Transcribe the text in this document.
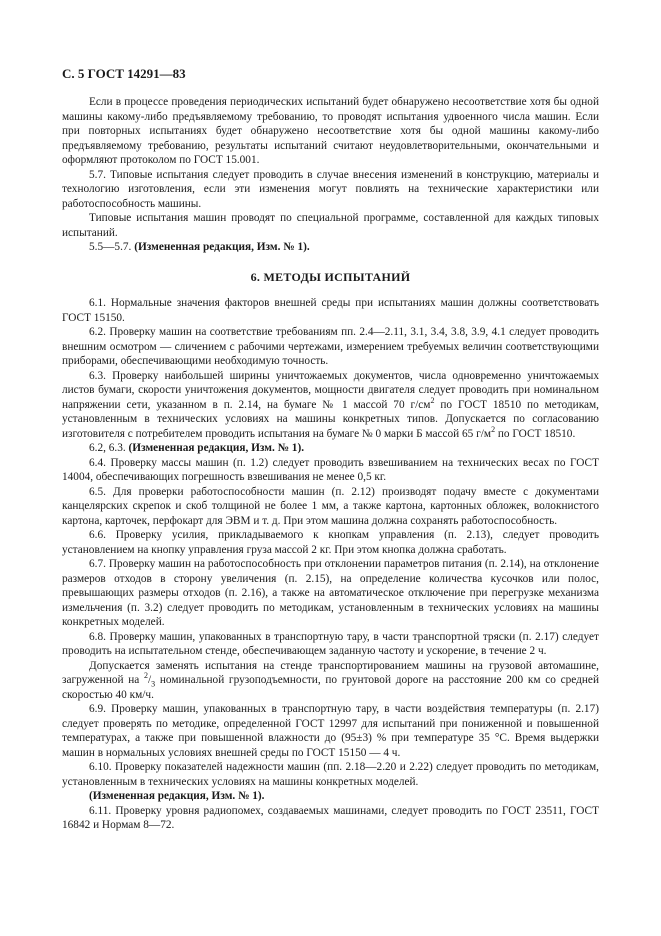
С. 5 ГОСТ 14291—83

Если в процессе проведения периодических испытаний будет обнаружено несоответствие хотя бы одной машины какому-либо предъявляемому требованию, то проводят испытания удвоенного числа машин. Если при повторных испытаниях будет обнаружено несоответствие хотя бы одной машины какому-либо предъявляемому требованию, результаты испытаний считают неудовлетворительными, окончательными и оформляют протоколом по ГОСТ 15.001.

5.7. Типовые испытания следует проводить в случае внесения изменений в конструкцию, материалы и технологию изготовления, если эти изменения могут повлиять на технические характеристики или работоспособность машины.

Типовые испытания машин проводят по специальной программе, составленной для каждых типовых испытаний.

5.5—5.7. (Измененная редакция, Изм. № 1).

6. МЕТОДЫ ИСПЫТАНИЙ

6.1. Нормальные значения факторов внешней среды при испытаниях машин должны соответствовать ГОСТ 15150.

6.2. Проверку машин на соответствие требованиям пп. 2.4—2.11, 3.1, 3.4, 3.8, 3.9, 4.1 следует проводить внешним осмотром — сличением с рабочими чертежами, измерением требуемых величин соответствующими приборами, обеспечивающими необходимую точность.

6.3. Проверку наибольшей ширины уничтожаемых документов, числа одновременно уничтожаемых листов бумаги, скорости уничтожения документов, мощности двигателя следует проводить при номинальном напряжении сети, указанном в п. 2.14, на бумаге № 1 массой 70 $г/см^2$ по ГОСТ 18510 по методикам, установленным в технических условиях на машины конкретных типов. Допускается по согласованию изготовителя с потребителем проводить испытания на бумаге № 0 марки Б массой 65 $г/м^2$ по ГОСТ 18510.

6.2, 6.3. (Измененная редакция, Изм. № 1).

6.4. Проверку массы машин (п. 1.2) следует проводить взвешиванием на технических весах по ГОСТ 14004, обеспечивающих погрешность взвешивания не менее 0,5 кг.

6.5. Для проверки работоспособности машин (п. 2.12) производят подачу вместе с документами канцелярских скрепок и скоб толщиной не более 1 мм, а также картона, картонных обложек, волокнистого картона, карточек, перфокарт для ЭВМ и т. д. При этом машина должна сохранять работоспособность.

6.6. Проверку усилия, прикладываемого к кнопкам управления (п. 2.13), следует проводить установлением на кнопку управления груза массой 2 кг. При этом кнопка должна сработать.

6.7. Проверку машин на работоспособность при отклонении параметров питания (п. 2.14), на отклонение размеров отходов в сторону увеличения (п. 2.15), на определение количества кусочков или полос, превышающих размеры отходов (п. 2.16), а также на автоматическое отключение при перегрузке механизма измельчения (п. 3.2) следует проводить по методикам, установленным в технических условиях на машины конкретных моделей.

6.8. Проверку машин, упакованных в транспортную тару, в части транспортной тряски (п. 2.17) следует проводить на испытательном стенде, обеспечивающем заданную частоту и ускорение, в течение 2 ч.

Допускается заменять испытания на стенде транспортированием машины на грузовой автомашине, загруженной на $^2/_3$ номинальной грузоподъемности, по грунтовой дороге на расстояние 200 км со средней скоростью 40 км/ч.

6.9. Проверку машин, упакованных в транспортную тару, в части воздействия температуры (п. 2.17) следует проверять по методике, определенной ГОСТ 12997 для испытаний при пониженной и повышенной температурах, а также при повышенной влажности до (95±3) % при температуре 35 °С. Время выдержки машин в нормальных условиях внешней среды по ГОСТ 15150 — 4 ч.

6.10. Проверку показателей надежности машин (пп. 2.18—2.20 и 2.22) следует проводить по методикам, установленным в технических условиях на машины конкретных моделей.

(Измененная редакция, Изм. № 1).

6.11. Проверку уровня радиопомех, создаваемых машинами, следует проводить по ГОСТ 23511, ГОСТ 16842 и Нормам 8—72.
